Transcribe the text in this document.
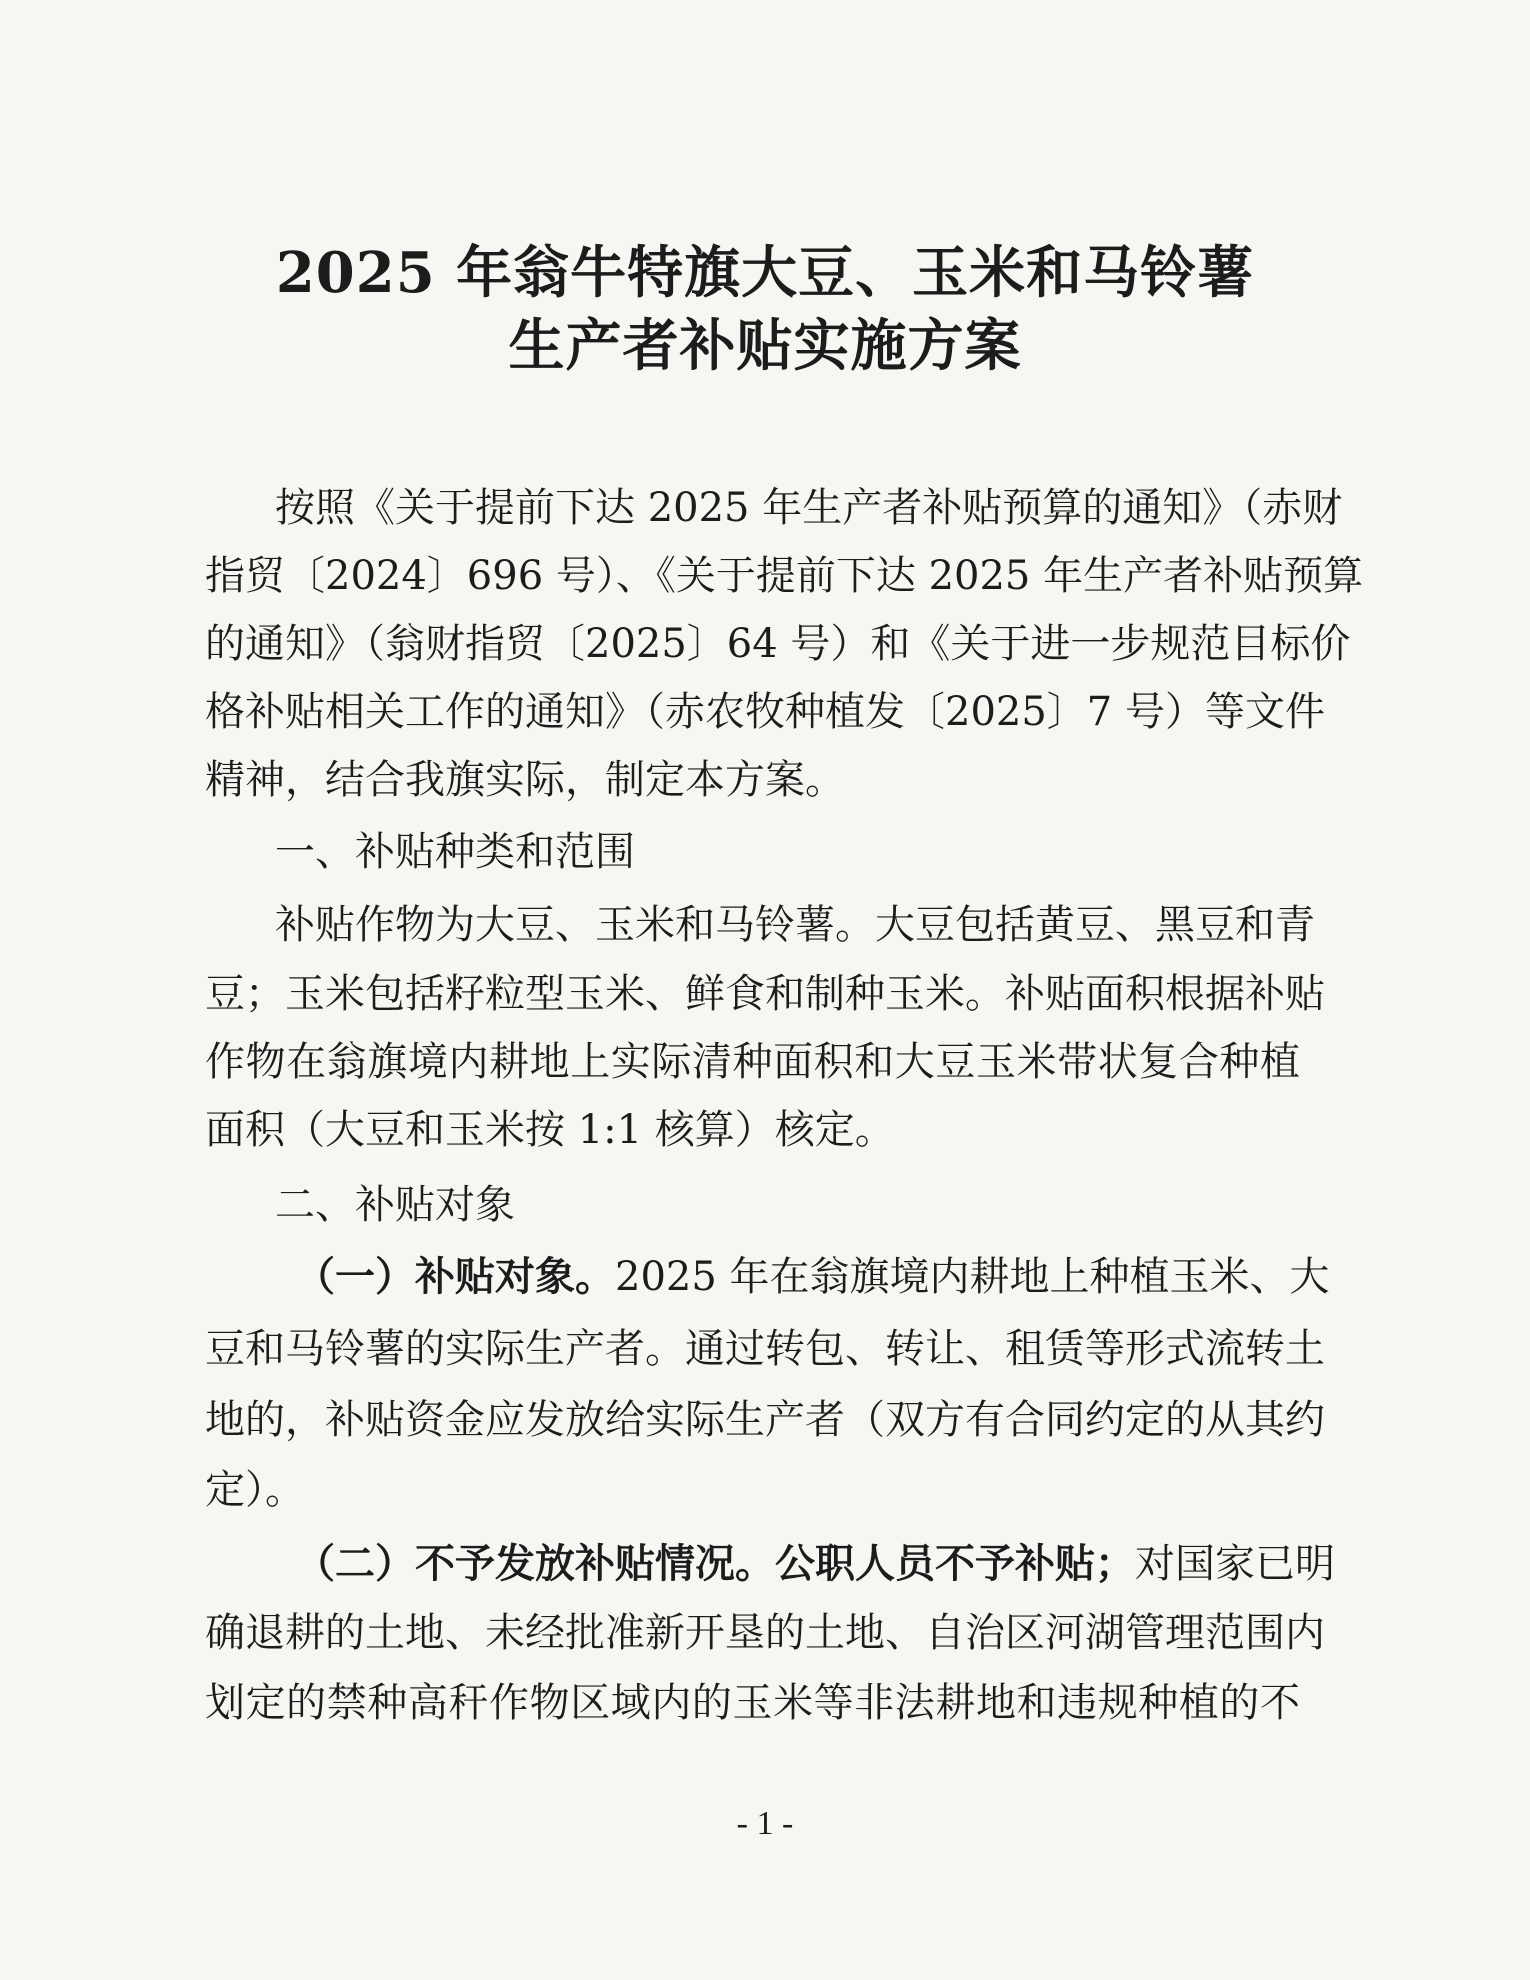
2025 年翁牛特旗大豆、玉米和马铃薯
生产者补贴实施方案
按照《关于提前下达 2025 年生产者补贴预算的通知》（赤财
指贸〔2024〕696 号）、《关于提前下达 2025 年生产者补贴预算
的通知》（翁财指贸〔2025〕64 号）和《关于进一步规范目标价
格补贴相关工作的通知》（赤农牧种植发〔2025〕7 号）等文件
精神，结合我旗实际，制定本方案。
一、补贴种类和范围
补贴作物为大豆、玉米和马铃薯。大豆包括黄豆、黑豆和青
豆；玉米包括籽粒型玉米、鲜食和制种玉米。补贴面积根据补贴
作物在翁旗境内耕地上实际清种面积和大豆玉米带状复合种植
面积（大豆和玉米按 1:1 核算）核定。
二、补贴对象
（一）补贴对象。2025 年在翁旗境内耕地上种植玉米、大
豆和马铃薯的实际生产者。通过转包、转让、租赁等形式流转土
地的，补贴资金应发放给实际生产者（双方有合同约定的从其约
定）。
（二）不予发放补贴情况。公职人员不予补贴；对国家已明
确退耕的土地、未经批准新开垦的土地、自治区河湖管理范围内
划定的禁种高秆作物区域内的玉米等非法耕地和违规种植的不
- 1 -
